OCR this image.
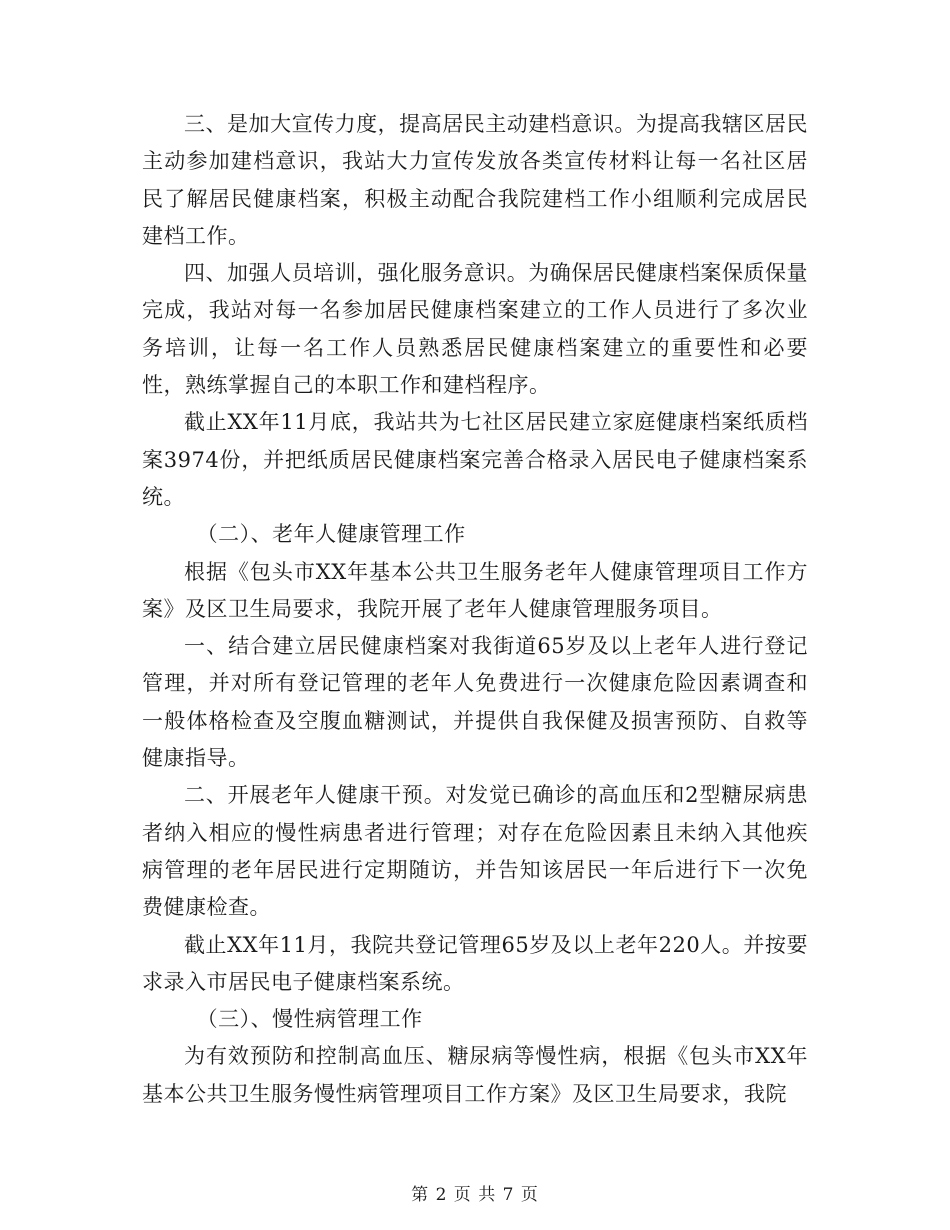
三、是加大宣传力度，提高居民主动建档意识。为提高我辖区居民主动参加建档意识，我站大力宣传发放各类宣传材料让每一名社区居民了解居民健康档案，积极主动配合我院建档工作小组顺利完成居民建档工作。

四、加强人员培训，强化服务意识。为确保居民健康档案保质保量完成，我站对每一名参加居民健康档案建立的工作人员进行了多次业务培训，让每一名工作人员熟悉居民健康档案建立的重要性和必要性，熟练掌握自己的本职工作和建档程序。

截止XX年11月底，我站共为七社区居民建立家庭健康档案纸质档案3974份，并把纸质居民健康档案完善合格录入居民电子健康档案系统。

（二）、老年人健康管理工作

根据《包头市XX年基本公共卫生服务老年人健康管理项目工作方案》及区卫生局要求，我院开展了老年人健康管理服务项目。

一、结合建立居民健康档案对我街道65岁及以上老年人进行登记管理，并对所有登记管理的老年人免费进行一次健康危险因素调查和一般体格检查及空腹血糖测试，并提供自我保健及损害预防、自救等健康指导。

二、开展老年人健康干预。对发觉已确诊的高血压和2型糖尿病患者纳入相应的慢性病患者进行管理；对存在危险因素且未纳入其他疾病管理的老年居民进行定期随访，并告知该居民一年后进行下一次免费健康检查。

截止XX年11月，我院共登记管理65岁及以上老年220人。并按要求录入市居民电子健康档案系统。

（三）、慢性病管理工作

为有效预防和控制高血压、糖尿病等慢性病，根据《包头市XX年基本公共卫生服务慢性病管理项目工作方案》及区卫生局要求，我院

第 2 页 共 7 页
